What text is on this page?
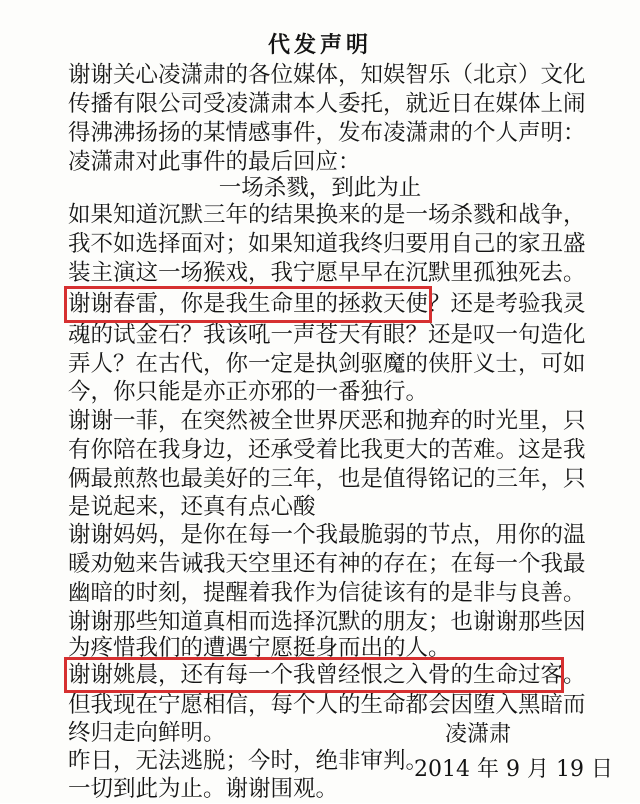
代发声明
谢谢关心凌潇肃的各位媒体，知娱智乐（北京）文化
传播有限公司受凌潇肃本人委托，就近日在媒体上闹
得沸沸扬扬的某情感事件，发布凌潇肃的个人声明：
凌潇肃对此事件的最后回应：
一场杀戮，到此为止
如果知道沉默三年的结果换来的是一场杀戮和战争，
我不如选择面对；如果知道我终归要用自己的家丑盛
装主演这一场猴戏，我宁愿早早在沉默里孤独死去。
谢谢春雷，你是我生命里的拯救天使？还是考验我灵
魂的试金石？我该吼一声苍天有眼？还是叹一句造化
弄人？在古代，你一定是执剑驱魔的侠肝义士，可如
今，你只能是亦正亦邪的一番独行。
谢谢一菲，在突然被全世界厌恶和抛弃的时光里，只
有你陪在我身边，还承受着比我更大的苦难。这是我
俩最煎熬也最美好的三年，也是值得铭记的三年，只
是说起来，还真有点心酸
谢谢妈妈，是你在每一个我最脆弱的节点，用你的温
暖劝勉来告诫我天空里还有神的存在；在每一个我最
幽暗的时刻，提醒着我作为信徒该有的是非与良善。
谢谢那些知道真相而选择沉默的朋友；也谢谢那些因
为疼惜我们的遭遇宁愿挺身而出的人。
谢谢姚晨，还有每一个我曾经恨之入骨的生命过客。
但我现在宁愿相信，每个人的生命都会因堕入黑暗而
终归走向鲜明。
昨日，无法逃脱；今时，绝非审判。
一切到此为止。谢谢围观。
凌潇肃
2014 年 9 月 19 日
